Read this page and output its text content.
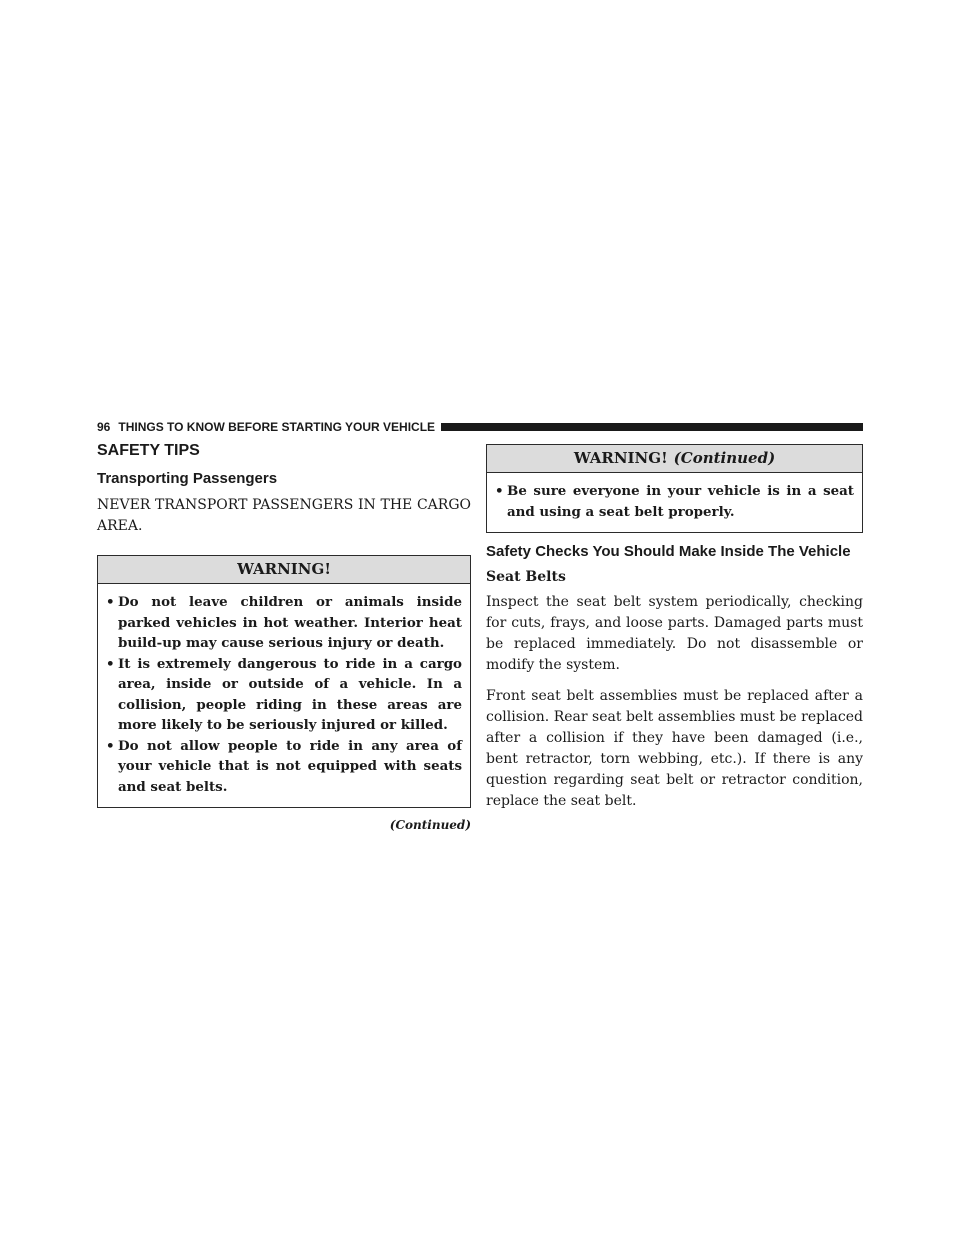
96 THINGS TO KNOW BEFORE STARTING YOUR VEHICLE
SAFETY TIPS
Transporting Passengers

NEVER TRANSPORT PASSENGERS IN THE CARGO AREA.

WARNING!
• Do not leave children or animals inside parked vehicles in hot weather. Interior heat build-up may cause serious injury or death.
• It is extremely dangerous to ride in a cargo area, inside or outside of a vehicle. In a collision, people riding in these areas are more likely to be seriously injured or killed.
• Do not allow people to ride in any area of your vehicle that is not equipped with seats and seat belts.
(Continued)
WARNING! (Continued)
• Be sure everyone in your vehicle is in a seat and using a seat belt properly.
Safety Checks You Should Make Inside The Vehicle
Seat Belts

Inspect the seat belt system periodically, checking for cuts, frays, and loose parts. Damaged parts must be replaced immediately. Do not disassemble or modify the system.

Front seat belt assemblies must be replaced after a collision. Rear seat belt assemblies must be replaced after a collision if they have been damaged (i.e., bent retractor, torn webbing, etc.). If there is any question regarding seat belt or retractor condition, replace the seat belt.
